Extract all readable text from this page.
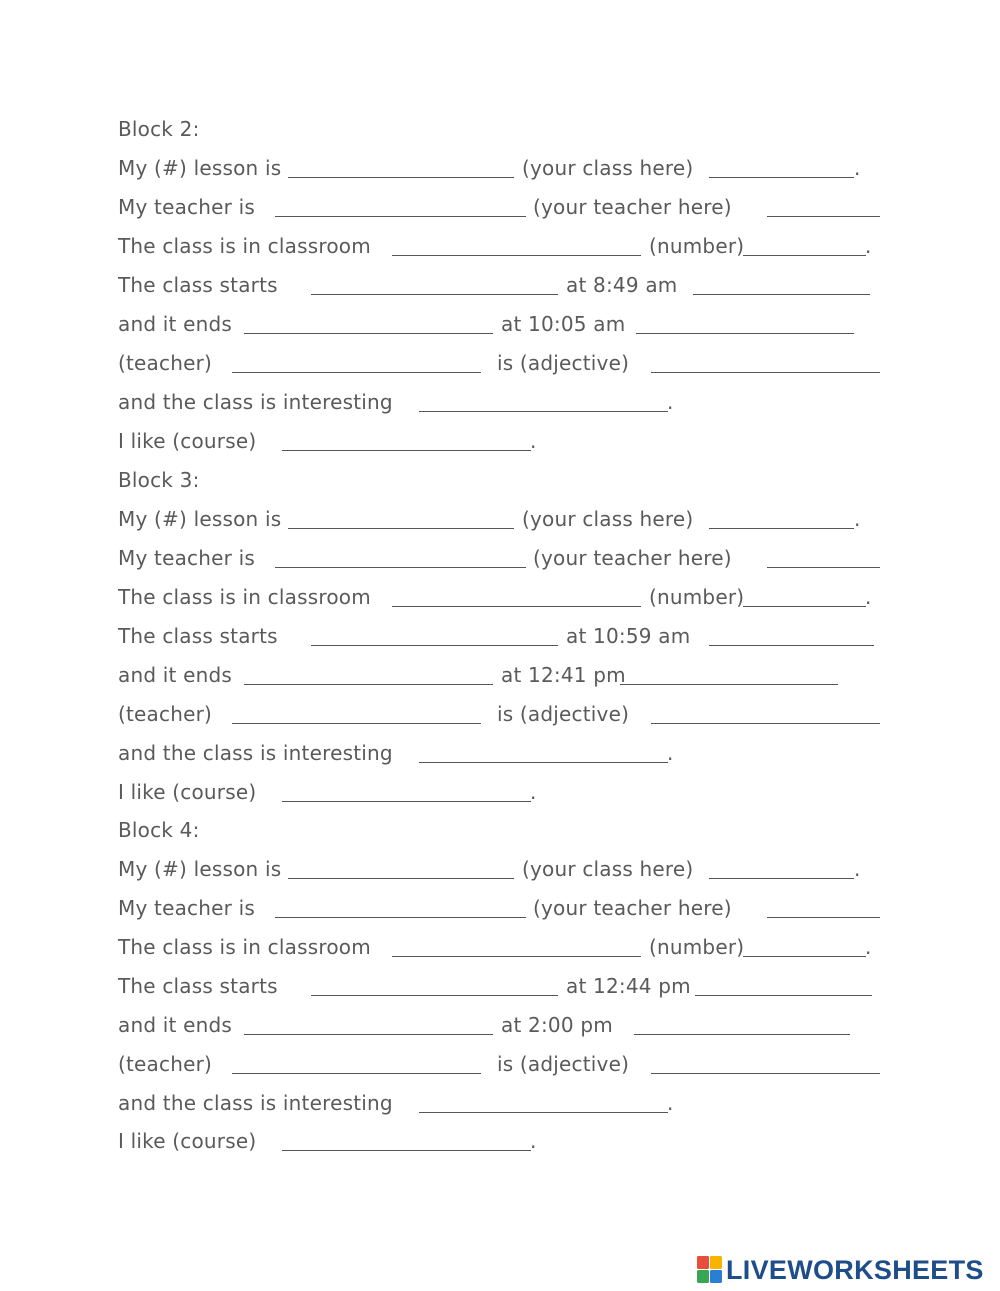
Block 2:
My (#) lesson is	(your class here)	.
My teacher is	(your teacher here)
The class is in classroom	(number)	.
The class starts	at 8:49 am
and it ends	at 10:05 am
(teacher)	is (adjective)
and the class is interesting	.
I like (course)	.
Block 3:
My (#) lesson is	(your class here)	.
My teacher is	(your teacher here)
The class is in classroom	(number)	.
The class starts	at 10:59 am
and it ends	at 12:41 pm
(teacher)	is (adjective)
and the class is interesting	.
I like (course)	.
Block 4:
My (#) lesson is	(your class here)	.
My teacher is	(your teacher here)
The class is in classroom	(number)	.
The class starts	at 12:44 pm
and it ends	at 2:00 pm
(teacher)	is (adjective)
and the class is interesting	.
I like (course)	.
LIVEWORKSHEETS
